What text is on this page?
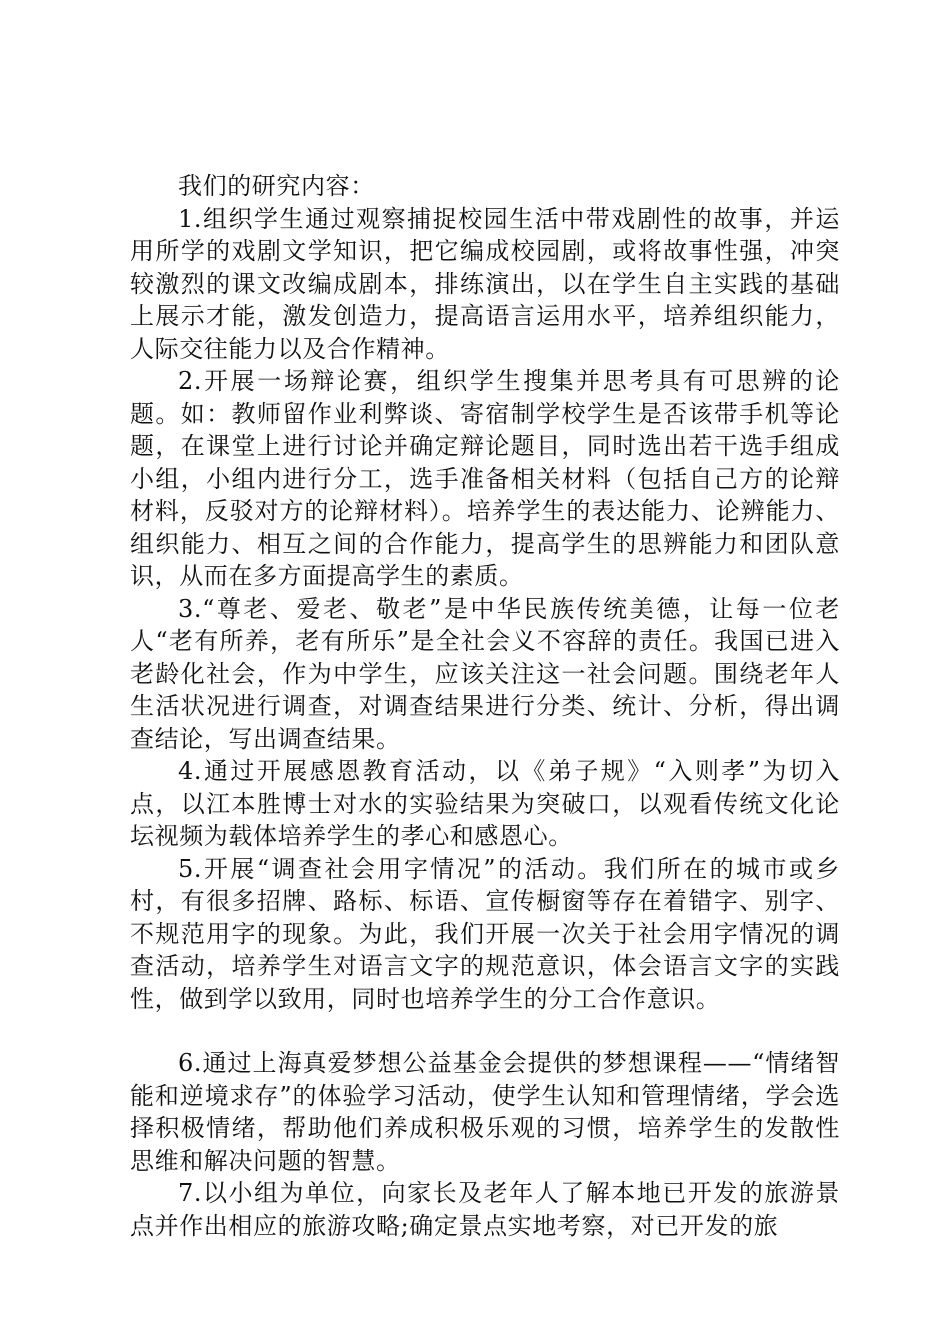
我们的研究内容：

1.组织学生通过观察捕捉校园生活中带戏剧性的故事，并运用所学的戏剧文学知识，把它编成校园剧，或将故事性强，冲突较激烈的课文改编成剧本，排练演出，以在学生自主实践的基础上展示才能，激发创造力，提高语言运用水平，培养组织能力，人际交往能力以及合作精神。

2.开展一场辩论赛，组织学生搜集并思考具有可思辨的论题。如：教师留作业利弊谈、寄宿制学校学生是否该带手机等论题，在课堂上进行讨论并确定辩论题目，同时选出若干选手组成小组，小组内进行分工，选手准备相关材料（包括自己方的论辩材料，反驳对方的论辩材料）。培养学生的表达能力、论辨能力、组织能力、相互之间的合作能力，提高学生的思辨能力和团队意识，从而在多方面提高学生的素质。

3.“尊老、爱老、敬老”是中华民族传统美德，让每一位老人“老有所养，老有所乐”是全社会义不容辞的责任。我国已进入老龄化社会，作为中学生，应该关注这一社会问题。围绕老年人生活状况进行调查，对调查结果进行分类、统计、分析，得出调查结论，写出调查结果。

4.通过开展感恩教育活动，以《弟子规》“入则孝”为切入点，以江本胜博士对水的实验结果为突破口，以观看传统文化论坛视频为载体培养学生的孝心和感恩心。

5.开展“调查社会用字情况”的活动。我们所在的城市或乡村，有很多招牌、路标、标语、宣传橱窗等存在着错字、别字、不规范用字的现象。为此，我们开展一次关于社会用字情况的调查活动，培养学生对语言文字的规范意识，体会语言文字的实践性，做到学以致用，同时也培养学生的分工合作意识。

6.通过上海真爱梦想公益基金会提供的梦想课程——“情绪智能和逆境求存”的体验学习活动，使学生认知和管理情绪，学会选择积极情绪，帮助他们养成积极乐观的习惯，培养学生的发散性思维和解决问题的智慧。

7.以小组为单位，向家长及老年人了解本地已开发的旅游景点并作出相应的旅游攻略;确定景点实地考察，对已开发的旅
